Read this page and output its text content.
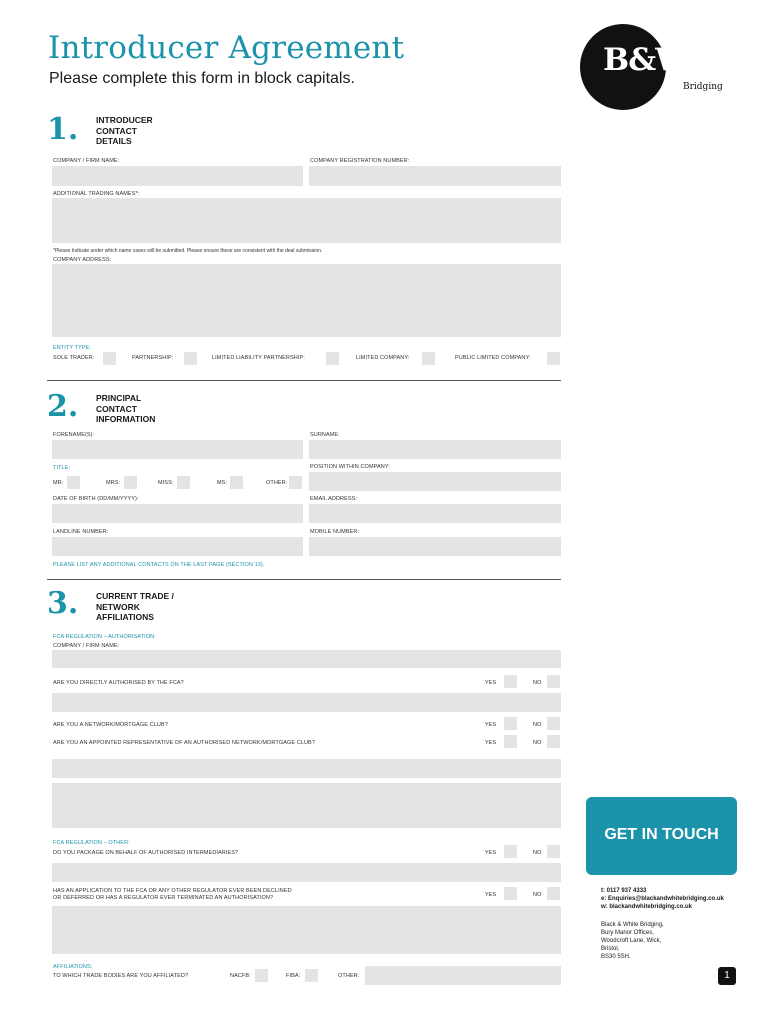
Introducer Agreement
Please complete this form in block capitals.
B&W
Bridging
1. INTRODUCER
CONTACT
DETAILS
COMPANY / FIRM NAME:	COMPANY REGISTRATION NUMBER:
ADDITIONAL TRADING NAMES*:
*Please Indicate under which name cases will be submitted. Please ensure these are consistent with the deal submission.
COMPANY ADDRESS:
ENTITY TYPE:
SOLE TRADER:	PARTNERSHIP:	LIMITED LIABILITY PARTNERSHIP:	LIMITED COMPANY:	PUBLIC LIMITED COMPANY:
2. PRINCIPAL
CONTACT
INFORMATION
FORENAME(S):	SURNAME:
TITLE:	POSITION WITHIN COMPANY:
MR:	MRS:	MISS:	MS:	OTHER:
DATE OF BIRTH (DD/MM/YYYY):	EMAIL ADDRESS:
LANDLINE NUMBER:	MOBILE NUMBER:
PLEASE LIST ANY ADDITIONAL CONTACTS ON THE LAST PAGE (SECTION 13).
3. CURRENT TRADE /
NETWORK
AFFILIATIONS
FCA REGULATION – AUTHORISATION:
COMPANY / FIRM NAME:
ARE YOU DIRECTLY AUTHORISED BY THE FCA?	YES	NO
ARE YOU A NETWORK/MORTGAGE CLUB?	YES	NO
ARE YOU AN APPOINTED REPRESENTATIVE OF AN AUTHORISED NETWORK/MORTGAGE CLUB?	YES	NO
FCA REGULATION – OTHER:
DO YOU PACKAGE ON BEHALF OF AUTHORISED INTERMEDIARIES?	YES	NO
HAS AN APPLICATION TO THE FCA OR ANY OTHER REGULATOR EVER BEEN DECLINED
OR DEFERRED OR HAS A REGULATOR EVER TERMINATED AN AUTHORISATION?	YES	NO
AFFILIATIONS:
TO WHICH TRADE BODIES ARE YOU AFFILIATED?	NACFB:	FIBA:	OTHER:
GET IN TOUCH
t: 0117 937 4333
e: Enquiries@blackandwhitebridging.co.uk
w: blackandwhitebridging.co.uk
Black & White Bridging,
Bury Manor Offices,
Woodcroft Lane, Wick,
Bristol,
BS30 5SH.
1
